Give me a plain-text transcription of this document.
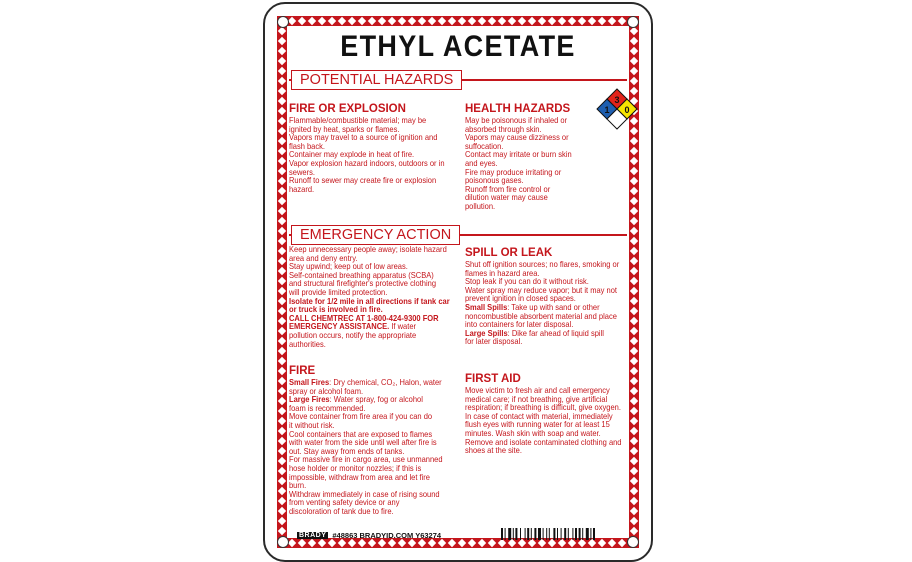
ETHYL ACETATE
POTENTIAL HAZARDS
3
1 0
FIRE OR EXPLOSION
Flammable/combustible material; may be
ignited by heat, sparks or flames.
Vapors may travel to a source of ignition and
flash back.
Container may explode in heat of fire.
Vapor explosion hazard indoors, outdoors or in
sewers.
Runoff to sewer may create fire or explosion
hazard.
HEALTH HAZARDS
May be poisonous if inhaled or
absorbed through skin.
Vapors may cause dizziness or
suffocation.
Contact may irritate or burn skin
and eyes.
Fire may produce irritating or
poisonous gases.
Runoff from fire control or
dilution water may cause
pollution.
EMERGENCY ACTION
Keep unnecessary people away; isolate hazard
area and deny entry.
Stay upwind; keep out of low areas.
Self-contained breathing apparatus (SCBA)
and structural firefighter's protective clothing
will provide limited protection.
Isolate for 1/2 mile in all directions if tank car
or truck is involved in fire.
CALL CHEMTREC AT 1-800-424-9300 FOR
EMERGENCY ASSISTANCE. If water
pollution occurs, notify the appropriate
authorities.
SPILL OR LEAK
Shut off ignition sources; no flares, smoking or
flames in hazard area.
Stop leak if you can do it without risk.
Water spray may reduce vapor; but it may not
prevent ignition in closed spaces.
Small Spills: Take up with sand or other
noncombustible absorbent material and place
into containers for later disposal.
Large Spills: Dike far ahead of liquid spill
for later disposal.
FIRE
Small Fires: Dry chemical, CO₂, Halon, water
spray or alcohol foam.
Large Fires: Water spray, fog or alcohol
foam is recommended.
Move container from fire area if you can do
it without risk.
Cool containers that are exposed to flames
with water from the side until well after fire is
out. Stay away from ends of tanks.
For massive fire in cargo area, use unmanned
hose holder or monitor nozzles; if this is
impossible, withdraw from area and let fire
burn.
Withdraw immediately in case of rising sound
from venting safety device or any
discoloration of tank due to fire.
FIRST AID
Move victim to fresh air and call emergency
medical care; if not breathing, give artificial
respiration; if breathing is difficult, give oxygen.
In case of contact with material, immediately
flush eyes with running water for at least 15
minutes. Wash skin with soap and water.
Remove and isolate contaminated clothing and
shoes at the site.
BRADY #48863 BRADYID.COM Y63274
